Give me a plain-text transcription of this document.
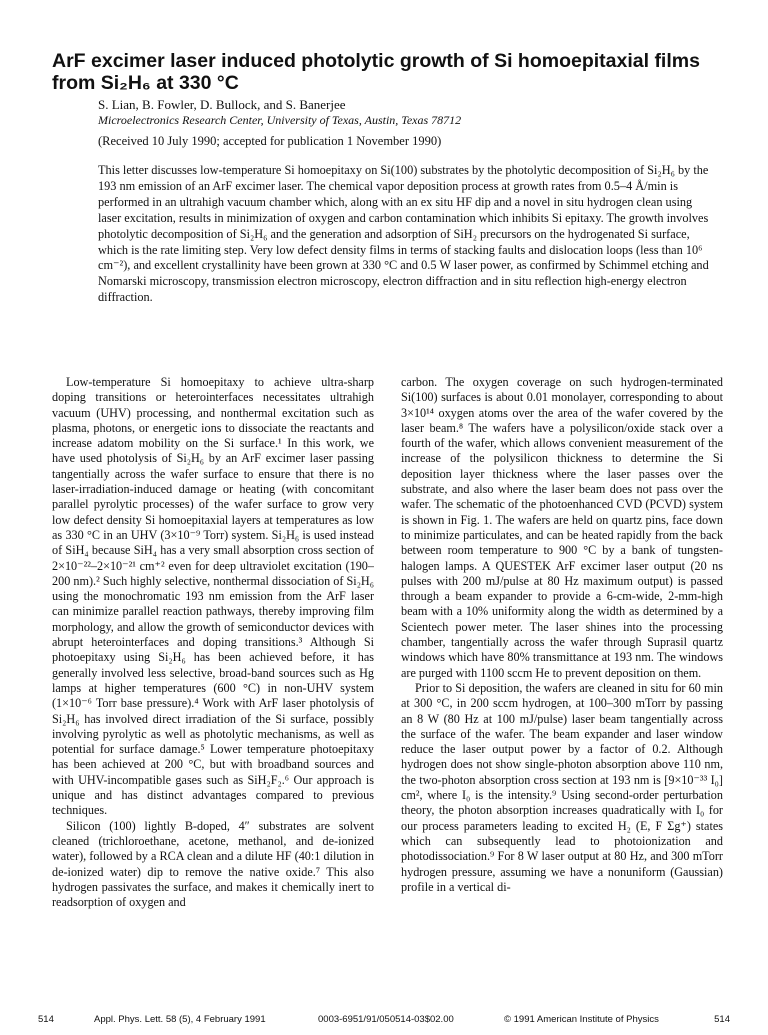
ArF excimer laser induced photolytic growth of Si homoepitaxial films from Si₂H₆ at 330 °C
S. Lian, B. Fowler, D. Bullock, and S. Banerjee
Microelectronics Research Center, University of Texas, Austin, Texas 78712
(Received 10 July 1990; accepted for publication 1 November 1990)

This letter discusses low-temperature Si homoepitaxy on Si(100) substrates by the photolytic decomposition of Si₂H₆ by the 193 nm emission of an ArF excimer laser. The chemical vapor deposition process at growth rates from 0.5–4 Å/min is performed in an ultrahigh vacuum chamber which, along with an ex situ HF dip and a novel in situ hydrogen clean using laser excitation, results in minimization of oxygen and carbon contamination which inhibits Si epitaxy. The growth involves photolytic decomposition of Si₂H₆ and the generation and adsorption of SiH₂ precursors on the hydrogenated Si surface, which is the rate limiting step. Very low defect density films in terms of stacking faults and dislocation loops (less than 10⁶ cm⁻²), and excellent crystallinity have been grown at 330 °C and 0.5 W laser power, as confirmed by Schimmel etching and Nomarski microscopy, transmission electron microscopy, electron diffraction and in situ reflection high-energy electron diffraction.

Low-temperature Si homoepitaxy to achieve ultra-sharp doping transitions or heterointerfaces necessitates ultrahigh vacuum (UHV) processing, and nonthermal excitation such as plasma, photons, or energetic ions to dissociate the reactants and increase adatom mobility on the Si surface.¹ In this work, we have used photolysis of Si₂H₆ by an ArF excimer laser passing tangentially across the wafer surface to ensure that there is no laser-irradiation-induced damage or heating (with concomitant parallel pyrolytic processes) of the wafer surface to grow very low defect density Si homoepitaxial layers at temperatures as low as 330 °C in an UHV (3×10⁻⁹ Torr) system. Si₂H₆ is used instead of SiH₄ because SiH₄ has a very small absorption cross section of 2×10⁻²²–2×10⁻²¹ cm⁺² even for deep ultraviolet excitation (190–200 nm).² Such highly selective, nonthermal dissociation of Si₂H₆ using the monochromatic 193 nm emission from the ArF laser can minimize parallel reaction pathways, thereby improving film morphology, and allow the growth of semiconductor devices with abrupt heterointerfaces and doping transitions.³ Although Si photoepitaxy using Si₂H₆ has been achieved before, it has generally involved less selective, broad-band sources such as Hg lamps at higher temperatures (600 °C) in non-UHV system (1×10⁻⁶ Torr base pressure).⁴ Work with ArF laser photolysis of Si₂H₆ has involved direct irradiation of the Si surface, possibly involving pyrolytic as well as photolytic mechanisms, as well as potential for surface damage.⁵ Lower temperature photoepitaxy has been achieved at 200 °C, but with broadband sources and with UHV-incompatible gases such as SiH₂F₂.⁶ Our approach is unique and has distinct advantages compared to previous techniques.

Silicon (100) lightly B-doped, 4″ substrates are solvent cleaned (trichloroethane, acetone, methanol, and de-ionized water), followed by a RCA clean and a dilute HF (40:1 dilution in de-ionized water) dip to remove the native oxide.⁷ This also hydrogen passivates the surface, and makes it chemically inert to readsorption of oxygen and

carbon. The oxygen coverage on such hydrogen-terminated Si(100) surfaces is about 0.01 monolayer, corresponding to about 3×10¹⁴ oxygen atoms over the area of the wafer covered by the laser beam.⁸ The wafers have a polysilicon/oxide stack over a fourth of the wafer, which allows convenient measurement of the increase of the polysilicon thickness to determine the Si deposition layer thickness where the laser passes over the substrate, and also where the laser beam does not pass over the wafer. The schematic of the photoenhanced CVD (PCVD) system is shown in Fig. 1. The wafers are held on quartz pins, face down to minimize particulates, and can be heated rapidly from the back between room temperature to 900 °C by a bank of tungsten-halogen lamps. A QUESTEK ArF excimer laser output (20 ns pulses with 200 mJ/pulse at 80 Hz maximum output) is passed through a beam expander to provide a 6-cm-wide, 2-mm-high beam with a 10% uniformity along the width as determined by a Scientech power meter. The laser shines into the processing chamber, tangentially across the wafer through Suprasil quartz windows which have 80% transmittance at 193 nm. The windows are purged with 1100 sccm He to prevent deposition on them.

Prior to Si deposition, the wafers are cleaned in situ for 60 min at 300 °C, in 200 sccm hydrogen, at 100–300 mTorr by passing an 8 W (80 Hz at 100 mJ/pulse) laser beam tangentially across the surface of the wafer. The beam expander and laser window reduce the laser output power by a factor of 0.2. Although hydrogen does not show single-photon absorption above 110 nm, the two-photon absorption cross section at 193 nm is [9×10⁻³³ I₀] cm², where I₀ is the intensity.⁹ Using second-order perturbation theory, the photon absorption increases quadratically with I₀ for our process parameters leading to excited H₂ (E, F Σg⁺) states which can subsequently lead to photoionization and photodissociation.⁹ For 8 W laser output at 80 Hz, and 300 mTorr hydrogen pressure, assuming we have a nonuniform (Gaussian) profile in a vertical di-

514	Appl. Phys. Lett. 58 (5), 4 February 1991	0003-6951/91/050514-03$02.00	© 1991 American Institute of Physics	514
